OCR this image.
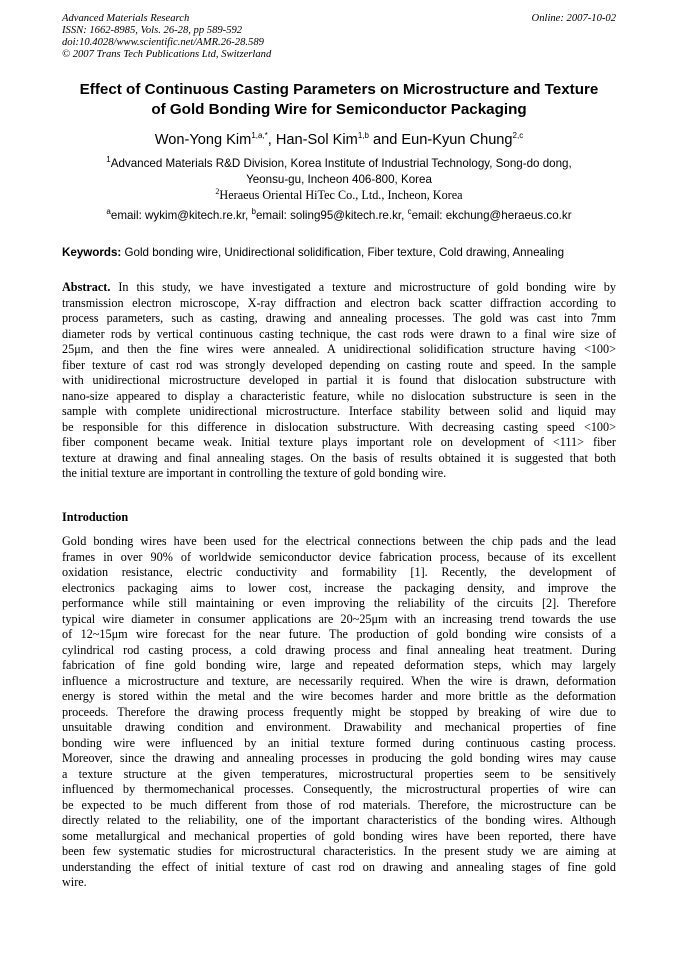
Advanced Materials Research
ISSN: 1662-8985, Vols. 26-28, pp 589-592
doi:10.4028/www.scientific.net/AMR.26-28.589
© 2007 Trans Tech Publications Ltd, Switzerland
Online: 2007-10-02
Effect of Continuous Casting Parameters on Microstructure and Texture
of Gold Bonding Wire for Semiconductor Packaging
Won-Yong Kim$^{1,a,*}$, Han-Sol Kim$^{1,b}$ and Eun-Kyun Chung$^{2,c}$
$^1$Advanced Materials R&D Division, Korea Institute of Industrial Technology, Song-do dong,
Yeonsu-gu, Incheon 406-800, Korea
$^2$Heraeus Oriental HiTec Co., Ltd., Incheon, Korea
$^a$email: wykim@kitech.re.kr, $^b$email: soling95@kitech.re.kr, $^c$email: ekchung@heraeus.co.kr
Keywords: Gold bonding wire, Unidirectional solidification, Fiber texture, Cold drawing, Annealing
Abstract. In this study, we have investigated a texture and microstructure of gold bonding wire by
transmission electron microscope, X-ray diffraction and electron back scatter diffraction according to
process parameters, such as casting, drawing and annealing processes. The gold was cast into 7mm
diameter rods by vertical continuous casting technique, the cast rods were drawn to a final wire size of
25μm, and then the fine wires were annealed. A unidirectional solidification structure having <100>
fiber texture of cast rod was strongly developed depending on casting route and speed. In the sample
with unidirectional microstructure developed in partial it is found that dislocation substructure with
nano-size appeared to display a characteristic feature, while no dislocation substructure is seen in the
sample with complete unidirectional microstructure. Interface stability between solid and liquid may
be responsible for this difference in dislocation substructure. With decreasing casting speed <100>
fiber component became weak. Initial texture plays important role on development of <111> fiber
texture at drawing and final annealing stages. On the basis of results obtained it is suggested that both
the initial texture are important in controlling the texture of gold bonding wire.
Introduction
Gold bonding wires have been used for the electrical connections between the chip pads and the lead
frames in over 90% of worldwide semiconductor device fabrication process, because of its excellent
oxidation resistance, electric conductivity and formability [1]. Recently, the development of
electronics packaging aims to lower cost, increase the packaging density, and improve the
performance while still maintaining or even improving the reliability of the circuits [2]. Therefore
typical wire diameter in consumer applications are 20~25μm with an increasing trend towards the use
of 12~15μm wire forecast for the near future. The production of gold bonding wire consists of a
cylindrical rod casting process, a cold drawing process and final annealing heat treatment. During
fabrication of fine gold bonding wire, large and repeated deformation steps, which may largely
influence a microstructure and texture, are necessarily required. When the wire is drawn, deformation
energy is stored within the metal and the wire becomes harder and more brittle as the deformation
proceeds. Therefore the drawing process frequently might be stopped by breaking of wire due to
unsuitable drawing condition and environment. Drawability and mechanical properties of fine
bonding wire were influenced by an initial texture formed during continuous casting process.
Moreover, since the drawing and annealing processes in producing the gold bonding wires may cause
a texture structure at the given temperatures, microstructural properties seem to be sensitively
influenced by thermomechanical processes. Consequently, the microstructural properties of wire can
be expected to be much different from those of rod materials. Therefore, the microstructure can be
directly related to the reliability, one of the important characteristics of the bonding wires. Although
some metallurgical and mechanical properties of gold bonding wires have been reported, there have
been few systematic studies for microstructural characteristics. In the present study we are aiming at
understanding the effect of initial texture of cast rod on drawing and annealing stages of fine gold
wire.
